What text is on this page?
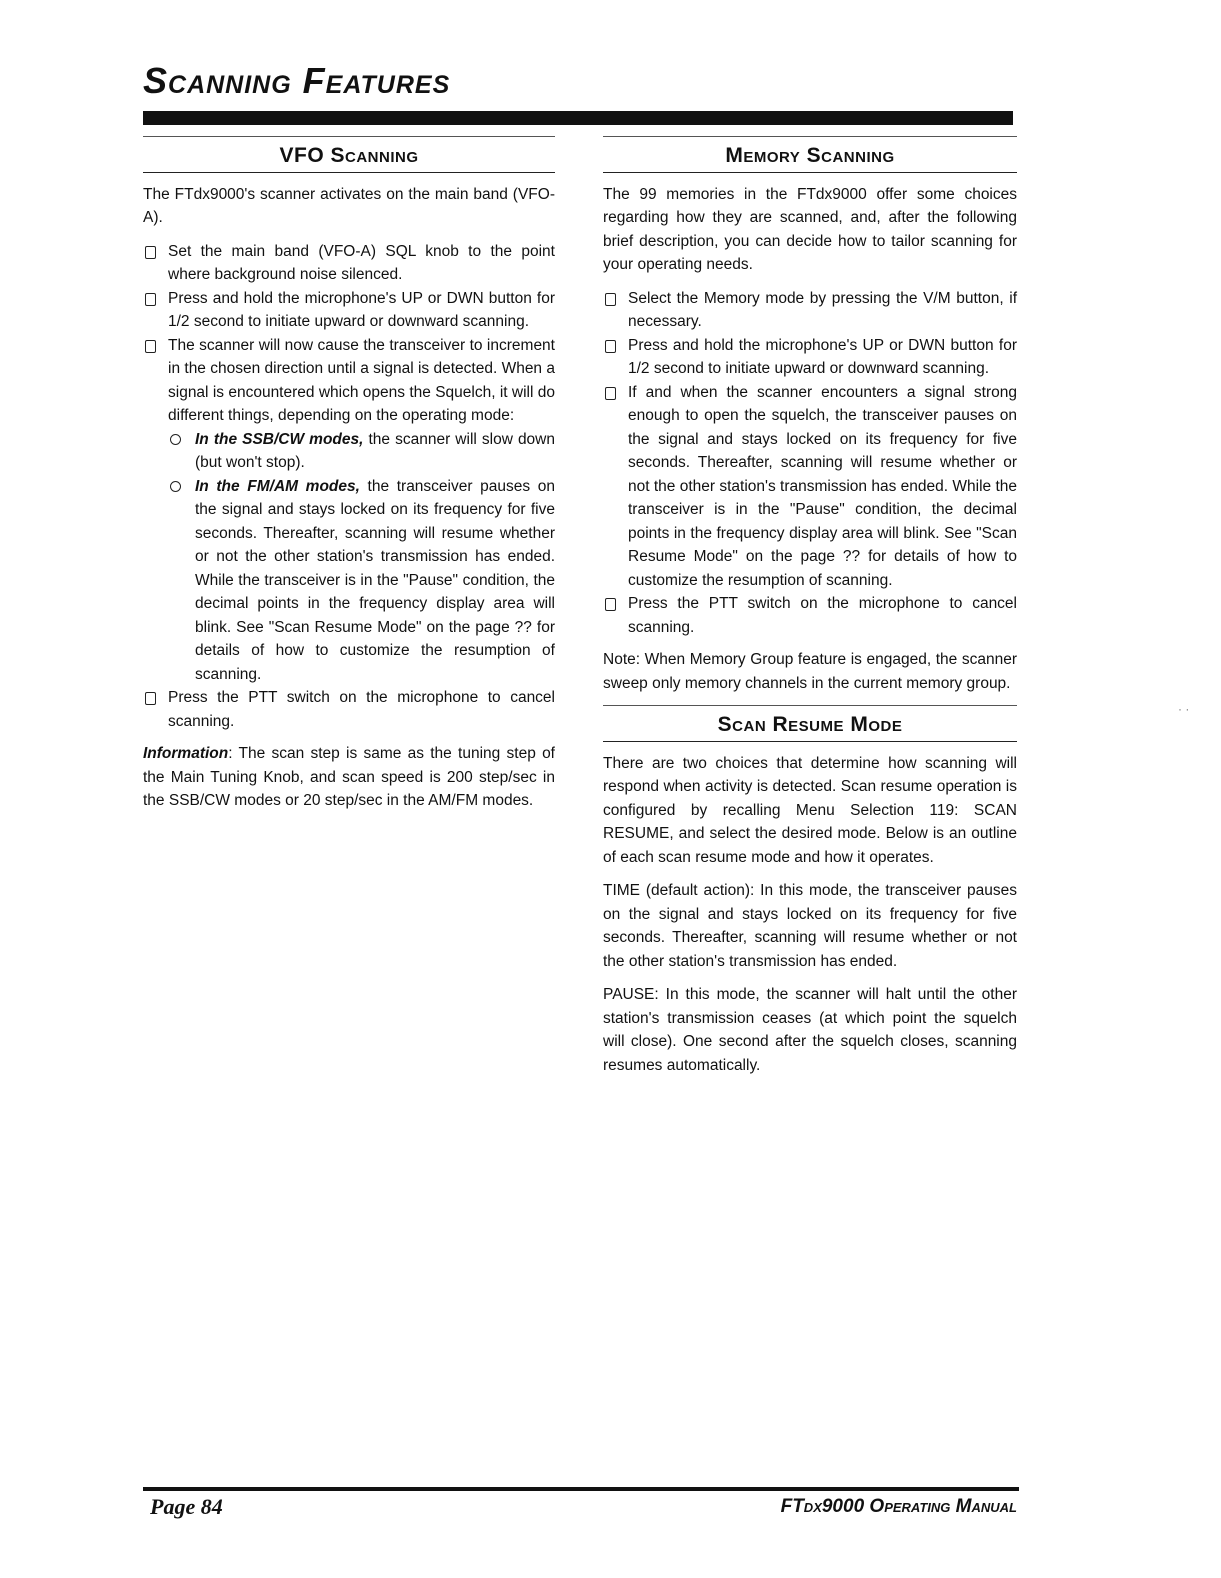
Scanning Features
VFO Scanning

The FTdx9000's scanner activates on the main band (VFO-A).

Set the main band (VFO-A) SQL knob to the point where background noise silenced.
Press and hold the microphone's UP or DWN button for 1/2 second to initiate upward or downward scanning.
The scanner will now cause the transceiver to increment in the chosen direction until a signal is detected. When a signal is encountered which opens the Squelch, it will do different things, depending on the operating mode:
In the SSB/CW modes, the scanner will slow down (but won't stop).
In the FM/AM modes, the transceiver pauses on the signal and stays locked on its frequency for five seconds. Thereafter, scanning will resume whether or not the other station's transmission has ended. While the transceiver is in the "Pause" condition, the decimal points in the frequency display area will blink. See "Scan Resume Mode" on the page ?? for details of how to customize the resumption of scanning.
Press the PTT switch on the microphone to cancel scanning.

Information: The scan step is same as the tuning step of the Main Tuning Knob, and scan speed is 200 step/sec in the SSB/CW modes or 20 step/sec in the AM/FM modes.

Memory Scanning

The 99 memories in the FTdx9000 offer some choices regarding how they are scanned, and, after the following brief description, you can decide how to tailor scanning for your operating needs.

Select the Memory mode by pressing the V/M button, if necessary.
Press and hold the microphone's UP or DWN button for 1/2 second to initiate upward or downward scanning.
If and when the scanner encounters a signal strong enough to open the squelch, the transceiver pauses on the signal and stays locked on its frequency for five seconds. Thereafter, scanning will resume whether or not the other station's transmission has ended. While the transceiver is in the "Pause" condition, the decimal points in the frequency display area will blink. See "Scan Resume Mode" on the page ?? for details of how to customize the resumption of scanning.
Press the PTT switch on the microphone to cancel scanning.

Note: When Memory Group feature is engaged, the scanner sweep only memory channels in the current memory group.

Scan Resume Mode

There are two choices that determine how scanning will respond when activity is detected. Scan resume operation is configured by recalling Menu Selection 119: SCAN RESUME, and select the desired mode. Below is an outline of each scan resume mode and how it operates.

TIME (default action): In this mode, the transceiver pauses on the signal and stays locked on its frequency for five seconds. Thereafter, scanning will resume whether or not the other station's transmission has ended.

PAUSE: In this mode, the scanner will halt until the other station's transmission ceases (at which point the squelch will close). One second after the squelch closes, scanning resumes automatically.

· ·
Page 84	FTdx9000 Operating Manual
